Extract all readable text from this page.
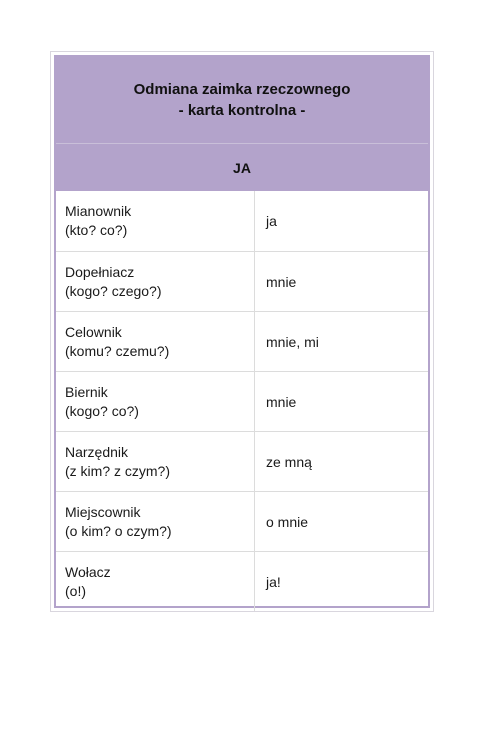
Odmiana zaimka rzeczownego
- karta kontrolna -
JA
Mianownik
(kto? co?)
ja
Dopełniacz
(kogo? czego?)
mnie
Celownik
(komu? czemu?)
mnie, mi
Biernik
(kogo? co?)
mnie
Narzędnik
(z kim? z czym?)
ze mną
Miejscownik
(o kim? o czym?)
o mnie
Wołacz
(o!)
ja!
